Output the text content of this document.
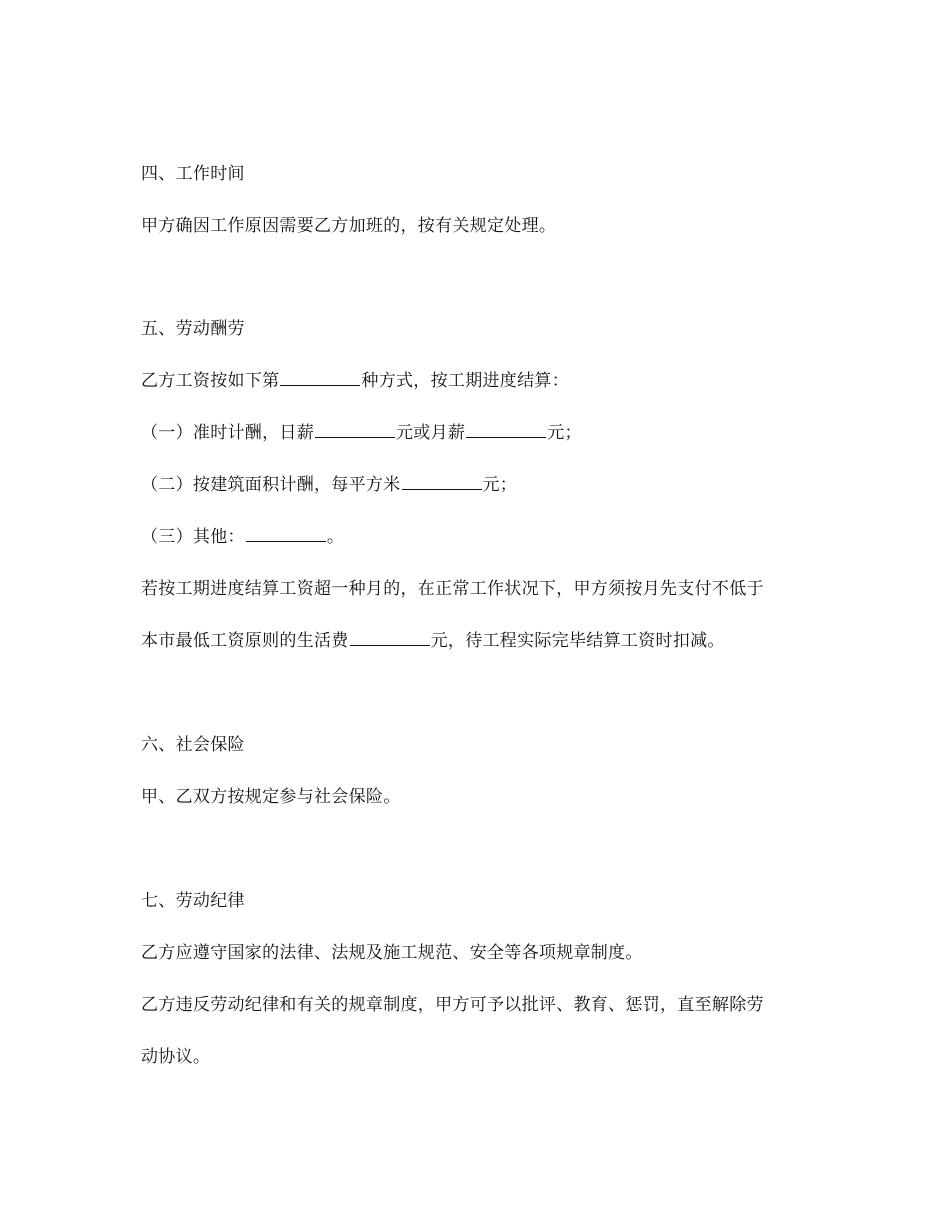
四、工作时间
甲方确因工作原因需要乙方加班的，按有关规定处理。
五、劳动酬劳
乙方工资按如下第	种方式，按工期进度结算：
（一）准时计酬，日薪	元或月薪	元；
（二）按建筑面积计酬，每平方米	元；
（三）其他：	。
若按工期进度结算工资超一种月的，在正常工作状况下，甲方须按月先支付不低于
本市最低工资原则的生活费	元，待工程实际完毕结算工资时扣减。
六、社会保险
甲、乙双方按规定参与社会保险。
七、劳动纪律
乙方应遵守国家的法律、法规及施工规范、安全等各项规章制度。
乙方违反劳动纪律和有关的规章制度，甲方可予以批评、教育、惩罚，直至解除劳
动协议。
